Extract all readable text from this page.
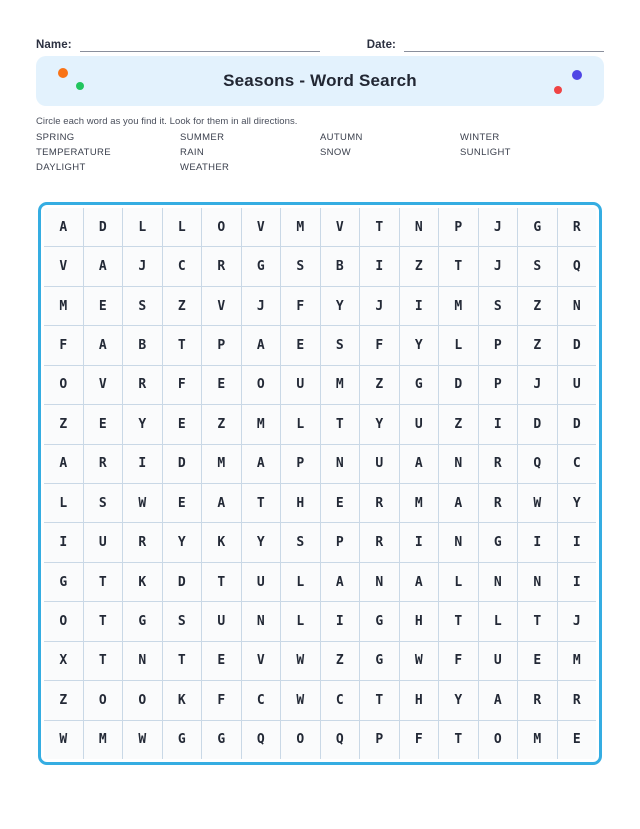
Name:	Date:
Seasons - Word Search
Circle each word as you find it. Look for them in all directions.
SPRING	SUMMER	AUTUMN	WINTER
TEMPERATURE	RAIN	SNOW	SUNLIGHT
DAYLIGHT	WEATHER
A	D	L	L	O	V	M	V	T	N	P	J	G	R
V	A	J	C	R	G	S	B	I	Z	T	J	S	Q
M	E	S	Z	V	J	F	Y	J	I	M	S	Z	N
F	A	B	T	P	A	E	S	F	Y	L	P	Z	D
O	V	R	F	E	O	U	M	Z	G	D	P	J	U
Z	E	Y	E	Z	M	L	T	Y	U	Z	I	D	D
A	R	I	D	M	A	P	N	U	A	N	R	Q	C
L	S	W	E	A	T	H	E	R	M	A	R	W	Y
I	U	R	Y	K	Y	S	P	R	I	N	G	I	I
G	T	K	D	T	U	L	A	N	A	L	N	N	I
O	T	G	S	U	N	L	I	G	H	T	L	T	J
X	T	N	T	E	V	W	Z	G	W	F	U	E	M
Z	O	O	K	F	C	W	C	T	H	Y	A	R	R
W	M	W	G	G	Q	O	Q	P	F	T	O	M	E
